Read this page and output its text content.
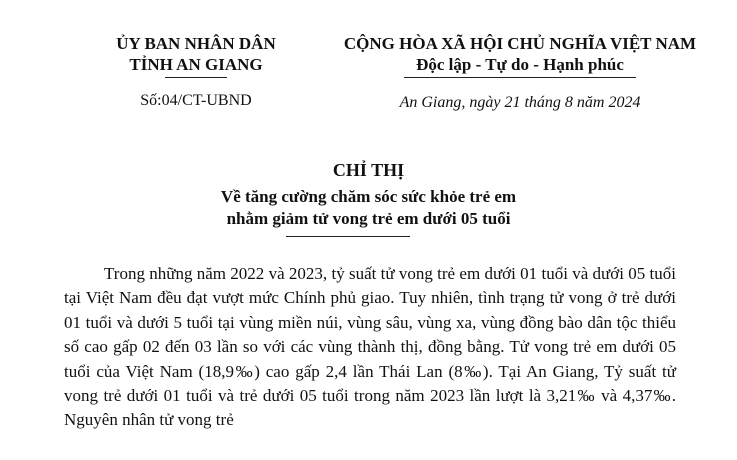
ỦY BAN NHÂN DÂN
TỈNH AN GIANG
Số:04/CT-UBND
CỘNG HÒA XÃ HỘI CHỦ NGHĨA VIỆT NAM
Độc lập - Tự do - Hạnh phúc
An Giang, ngày 21 tháng 8 năm 2024
CHỈ THỊ
Về tăng cường chăm sóc sức khỏe trẻ em
nhằm giảm tử vong trẻ em dưới 05 tuổi

Trong những năm 2022 và 2023, tỷ suất tử vong trẻ em dưới 01 tuổi và dưới 05 tuổi tại Việt Nam đều đạt vượt mức Chính phủ giao. Tuy nhiên, tình trạng tử vong ở trẻ dưới 01 tuổi và dưới 5 tuổi tại vùng miền núi, vùng sâu, vùng xa, vùng đồng bào dân tộc thiểu số cao gấp 02 đến 03 lần so với các vùng thành thị, đồng bằng. Tử vong trẻ em dưới 05 tuổi của Việt Nam (18,9‰) cao gấp 2,4 lần Thái Lan (8‰). Tại An Giang, Tỷ suất tử vong trẻ dưới 01 tuổi và trẻ dưới 05 tuổi trong năm 2023 lần lượt là 3,21‰ và 4,37‰. Nguyên nhân tử vong trẻ
